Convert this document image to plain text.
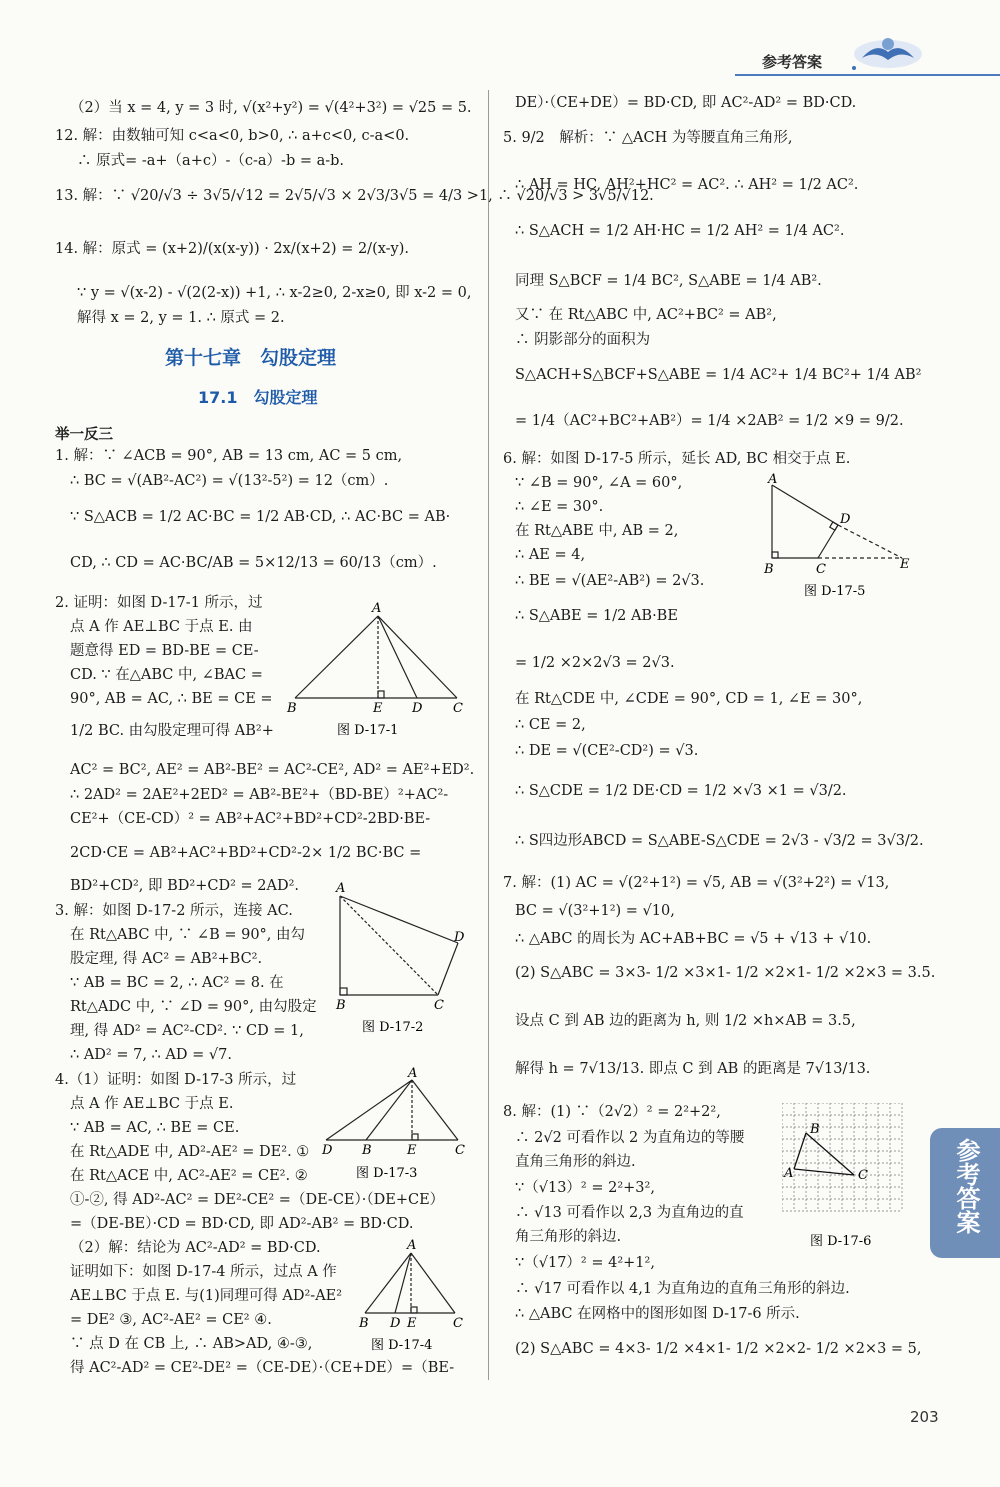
参考答案
（2）当 x = 4, y = 3 时, √(x²+y²) = √(4²+3²) = √25 = 5.
12. 解：由数轴可知 c<a<0, b>0, ∴ a+c<0, c-a<0.
∴ 原式= -a+（a+c）-（c-a）-b = a-b.
13. 解：∵ √20/√3 ÷ 3√5/√12 = 2√5/√3 × 2√3/3√5 = 4/3 >1, ∴ √20/√3 > 3√5/√12.
14. 解：原式 = (x+2)/(x(x-y)) · 2x/(x+2) = 2/(x-y).
∵ y = √(x-2) - √(2(2-x)) +1, ∴ x-2≥0, 2-x≥0, 即 x-2 = 0,
解得 x = 2, y = 1. ∴ 原式 = 2.
举一反三
1. 解：∵ ∠ACB = 90°, AB = 13 cm, AC = 5 cm,
∴ BC = √(AB²-AC²) = √(13²-5²) = 12（cm）.
∵ S△ACB = 1/2 AC·BC = 1/2 AB·CD, ∴ AC·BC = AB·
CD, ∴ CD = AC·BC/AB = 5×12/13 = 60/13（cm）.
2. 证明：如图 D-17-1 所示，过
点 A 作 AE⊥BC 于点 E. 由
题意得 ED = BD-BE = CE-
CD. ∵ 在△ABC 中, ∠BAC =
90°, AB = AC, ∴ BE = CE =
1/2 BC. 由勾股定理可得 AB²+
AC² = BC², AE² = AB²-BE² = AC²-CE², AD² = AE²+ED².
∴ 2AD² = 2AE²+2ED² = AB²-BE²+（BD-BE）²+AC²-
CE²+（CE-CD）² = AB²+AC²+BD²+CD²-2BD·BE-
2CD·CE = AB²+AC²+BD²+CD²-2× 1/2 BC·BC =
BD²+CD², 即 BD²+CD² = 2AD².
3. 解：如图 D-17-2 所示，连接 AC.
在 Rt△ABC 中, ∵ ∠B = 90°, 由勾
股定理, 得 AC² = AB²+BC².
∵ AB = BC = 2, ∴ AC² = 8. 在
Rt△ADC 中, ∵ ∠D = 90°, 由勾股定
理, 得 AD² = AC²-CD². ∵ CD = 1,
∴ AD² = 7, ∴ AD = √7.
4.（1）证明：如图 D-17-3 所示，过
点 A 作 AE⊥BC 于点 E.
∵ AB = AC, ∴ BE = CE.
在 Rt△ADE 中, AD²-AE² = DE². ①
在 Rt△ACE 中, AC²-AE² = CE². ②
①-②, 得 AD²-AC² = DE²-CE² =（DE-CE）·（DE+CE）
=（DE-BE）·CD = BD·CD, 即 AD²-AB² = BD·CD.
（2）解：结论为 AC²-AD² = BD·CD.
证明如下：如图 D-17-4 所示，过点 A 作
AE⊥BC 于点 E. 与(1)同理可得 AD²-AE²
= DE² ③, AC²-AE² = CE² ④.
∵ 点 D 在 CB 上, ∴ AB>AD, ④-③,
得 AC²-AD² = CE²-DE² =（CE-DE）·（CE+DE）=（BE-
第十七章　勾股定理
17.1　勾股定理
A
B	E D C
图 D-17-1
A
B	C
D
图 D-17-2
A
B	E
D	C
图 D-17-3
A
B D E	C
图 D-17-4
DE）·（CE+DE）= BD·CD, 即 AC²-AD² = BD·CD.
5. 9/2　解析：∵ △ACH 为等腰直角三角形,
∴ AH = HC, AH²+HC² = AC². ∴ AH² = 1/2 AC².
∴ S△ACH = 1/2 AH·HC = 1/2 AH² = 1/4 AC².
同理 S△BCF = 1/4 BC², S△ABE = 1/4 AB².
又∵ 在 Rt△ABC 中, AC²+BC² = AB²,
∴ 阴影部分的面积为
S△ACH+S△BCF+S△ABE = 1/4 AC²+ 1/4 BC²+ 1/4 AB²
= 1/4（AC²+BC²+AB²）= 1/4 ×2AB² = 1/2 ×9 = 9/2.
6. 解：如图 D-17-5 所示，延长 AD, BC 相交于点 E.
∵ ∠B = 90°, ∠A = 60°,
∴ ∠E = 30°.
在 Rt△ABE 中, AB = 2,
∴ AE = 4,
∴ BE = √(AE²-AB²) = 2√3.
∴ S△ABE = 1/2 AB·BE
= 1/2 ×2×2√3 = 2√3.
在 Rt△CDE 中, ∠CDE = 90°, CD = 1, ∠E = 30°,
∴ CE = 2,
∴ DE = √(CE²-CD²) = √3.
∴ S△CDE = 1/2 DE·CD = 1/2 ×√3 ×1 = √3/2.
∴ S四边形ABCD = S△ABE-S△CDE = 2√3 - √3/2 = 3√3/2.
7. 解：(1) AC = √(2²+1²) = √5, AB = √(3²+2²) = √13,
BC = √(3²+1²) = √10,
∴ △ABC 的周长为 AC+AB+BC = √5 + √13 + √10.
(2) S△ABC = 3×3- 1/2 ×3×1- 1/2 ×2×1- 1/2 ×2×3 = 3.5.
设点 C 到 AB 边的距离为 h, 则 1/2 ×h×AB = 3.5,
解得 h = 7√13/13. 即点 C 到 AB 的距离是 7√13/13.
8. 解：(1) ∵（2√2）² = 2²+2²,
∴ 2√2 可看作以 2 为直角边的等腰
直角三角形的斜边.
∵（√13）² = 2²+3²,
∴ √13 可看作以 2,3 为直角边的直
角三角形的斜边.
∵（√17）² = 4²+1²,
∴ √17 可看作以 4,1 为直角边的直角三角形的斜边.
∴ △ABC 在网格中的图形如图 D-17-6 所示.
(2) S△ABC = 4×3- 1/2 ×4×1- 1/2 ×2×2- 1/2 ×2×3 = 5,
A
B	C
D
E
图 D-17-5
B
A	C
图 D-17-6
参考答案
203
